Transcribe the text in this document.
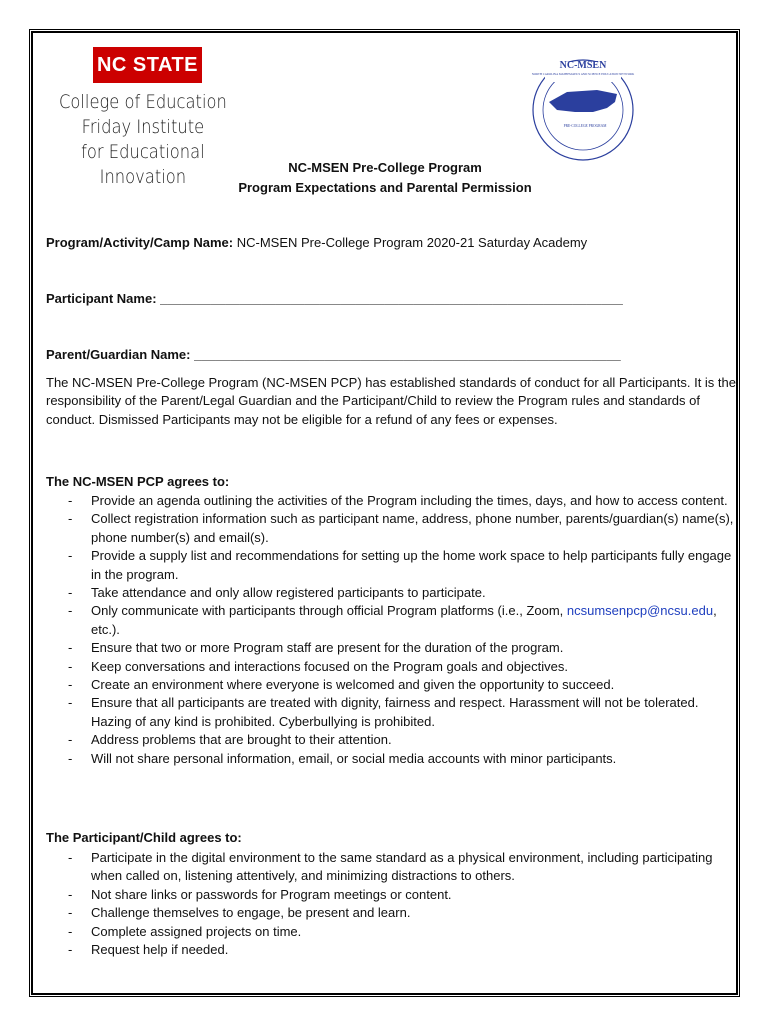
NC STATE
College of Education
Friday Institute
for Educational Innovation
NC-MSEN
NORTH CAROLINA MATHEMATICS AND SCIENCE EDUCATION NETWORK
PRE-COLLEGE PROGRAM
NC-MSEN Pre-College Program
Program Expectations and Parental Permission
Program/Activity/Camp Name: NC-MSEN Pre-College Program 2020-21 Saturday Academy
Participant Name: ________________________________________________________________
Parent/Guardian Name: ___________________________________________________________
The NC-MSEN Pre-College Program (NC-MSEN PCP) has established standards of conduct for all Participants. It is the responsibility of the Parent/Legal Guardian and the Participant/Child to review the Program rules and standards of conduct. Dismissed Participants may not be eligible for a refund of any fees or expenses.
The NC-MSEN PCP agrees to:
- Provide an agenda outlining the activities of the Program including the times, days, and how to access content.
- Collect registration information such as participant name, address, phone number, parents/guardian(s) name(s), phone number(s) and email(s).
- Provide a supply list and recommendations for setting up the home work space to help participants fully engage in the program.
- Take attendance and only allow registered participants to participate.
- Only communicate with participants through official Program platforms (i.e., Zoom, ncsumsenpcp@ncsu.edu, etc.).
- Ensure that two or more Program staff are present for the duration of the program.
- Keep conversations and interactions focused on the Program goals and objectives.
- Create an environment where everyone is welcomed and given the opportunity to succeed.
- Ensure that all participants are treated with dignity, fairness and respect. Harassment will not be tolerated. Hazing of any kind is prohibited. Cyberbullying is prohibited.
- Address problems that are brought to their attention.
- Will not share personal information, email, or social media accounts with minor participants.
The Participant/Child agrees to:
- Participate in the digital environment to the same standard as a physical environment, including participating when called on, listening attentively, and minimizing distractions to others.
- Not share links or passwords for Program meetings or content.
- Challenge themselves to engage, be present and learn.
- Complete assigned projects on time.
- Request help if needed.
